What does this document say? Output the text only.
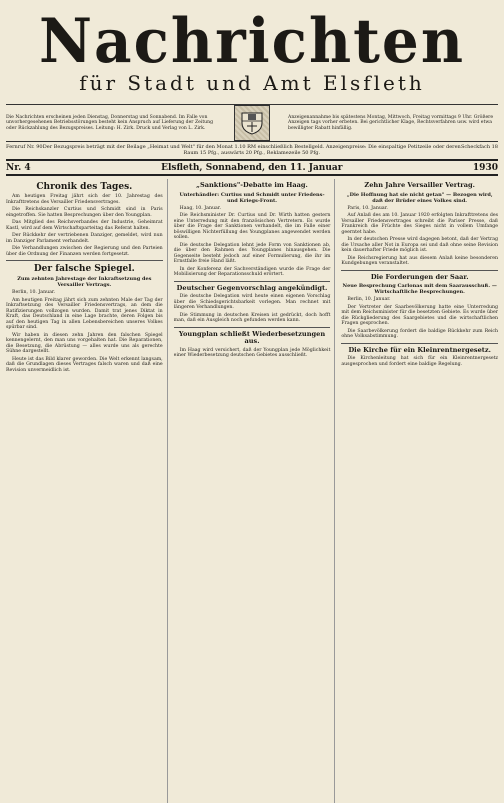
Nachrichten
für Stadt und Amt Elsfleth
Die Nachrichten erscheinen jeden Dienstag, Donnerstag und Sonnabend. Im Falle von unvorhergesehenen Betriebsstörungen besteht kein Anspruch auf Lieferung der Zeitung oder Rückzahlung des Bezugspreises. Leitung: H. Zirk. Druck und Verlag von L. Zirk.
Anzeigenannahme bis spätestens Montag, Mittwoch, Freitag vormittags 9 Uhr. Größere Anzeigen tags vorher erbeten. Bei gerichtlicher Klage, Rechtsverfahren usw. wird etwa bewilligter Rabatt hinfällig.
Fernruf Nr. 90 Der Bezugspreis beträgt mit der Beilage „Heimat und Welt" für den Monat 1.10 RM einschließlich Bestellgeld. Anzeigenpreise: Die einspaltige Petitzeile oder deren Raum 15 Pfg., auswärts 20 Pfg., Reklamezeile 50 Pfg.
Scheckfach 18
Nr. 4	Elsfleth, Sonnabend, den 11. Januar	1930
Chronik des Tages.

Am heutigen Freitag jährt sich der 10. Jahrestag des Inkrafttretens des Versailler Friedensvertrages.

Die Reichskanzler Curtius und Schmidt sind in Paris eingetroffen. Sie hatten Besprechungen über den Youngplan.

Das Mitglied des Reichsverbandes der Industrie, Geheimrat Kastl, wird auf dem Wirtschaftsparteitag das Referat halten.

Der Rückkehr der vertriebenen Danziger, gemeldet, wird nun im Danziger Parlament verhandelt.

Die Verhandlungen zwischen der Regierung und den Parteien über die Ordnung der Finanzen werden fortgesetzt.

Der falsche Spiegel.
Zum zehnten Jahrestage der Inkraftsetzung des Versailler Vertrags.

Berlin, 10. Januar.

Am heutigen Freitag jährt sich zum zehnten Male der Tag der Inkraftsetzung des Versailler Friedensvertrags, an dem die Ratifizierungen vollzogen wurden. Damit trat jenes Diktat in Kraft, das Deutschland in eine Lage brachte, deren Folgen bis auf den heutigen Tag in allen Lebensbereichen unseres Volkes spürbar sind.

Wir haben in diesen zehn Jahren den falschen Spiegel kennengelernt, den man uns vorgehalten hat. Die Reparationen, die Besetzung, die Abrüstung — alles wurde uns als gerechte Sühne dargestellt.

Heute ist das Bild klarer geworden. Die Welt erkennt langsam, daß die Grundlagen dieses Vertrages falsch waren und daß eine Revision unvermeidlich ist.

„Sanktions"-Debatte im Haag.
Unterhändler: Curtius und Schmidt unter Friedens- und Kriegs-Front.

Haag, 10. Januar.

Die Reichsminister Dr. Curtius und Dr. Wirth hatten gestern eine Unterredung mit den französischen Vertretern. Es wurde über die Frage der Sanktionen verhandelt, die im Falle einer böswilligen Nichterfüllung des Youngplanes angewendet werden sollen.

Die deutsche Delegation lehnt jede Form von Sanktionen ab, die über den Rahmen des Youngplanes hinausgehen. Die Gegenseite besteht jedoch auf einer Formulierung, die ihr im Ernstfalle freie Hand läßt.

In der Konferenz der Sachverständigen wurde die Frage der Mobilisierung der Reparationsschuld erörtert.

Deutscher Gegenvorschlag angekündigt.

Die deutsche Delegation wird heute einen eigenen Vorschlag über die Schiedsgerichtsbarkeit vorlegen. Man rechnet mit längeren Verhandlungen.

Die Stimmung in deutschen Kreisen ist gedrückt, doch hofft man, daß ein Ausgleich noch gefunden werden kann.

Youngplan schließt Wiederbesetzungen aus.

Im Haag wird versichert, daß der Youngplan jede Möglichkeit einer Wiederbesetzung deutschen Gebietes ausschließt.

Zehn Jahre Versailler Vertrag.
„Die Hoffnung hat sie nicht getan" — Bezogen wird, daß der Brüder eines Volkes sind.

Paris, 10. Januar.

Auf Anlaß des am 10. Januar 1920 erfolgten Inkrafttretens des Versailler Friedensvertrages schreibt die Pariser Presse, daß Frankreich die Früchte des Sieges nicht in vollem Umfange geerntet habe.

In der deutschen Presse wird dagegen betont, daß der Vertrag die Ursache aller Not in Europa sei und daß ohne seine Revision kein dauerhafter Friede möglich ist.

Die Reichsregierung hat aus diesem Anlaß keine besonderen Kundgebungen veranstaltet.

Die Forderungen der Saar.
Neue Besprechung Carlonas mit dem Saarausschuß. — Wirtschaftliche Besprechungen.

Berlin, 10. Januar.

Der Vertreter der Saarbevölkerung hatte eine Unterredung mit dem Reichsminister für die besetzten Gebiete. Es wurde über die Rückgliederung des Saargebietes und die wirtschaftlichen Fragen gesprochen.

Die Saarbevölkerung fordert die baldige Rückkehr zum Reich ohne Volksabstimmung.

Die Kirche für ein Kleinrentnergesetz.

Die Kirchenleitung hat sich für ein Kleinrentnergesetz ausgesprochen und fordert eine baldige Regelung.
